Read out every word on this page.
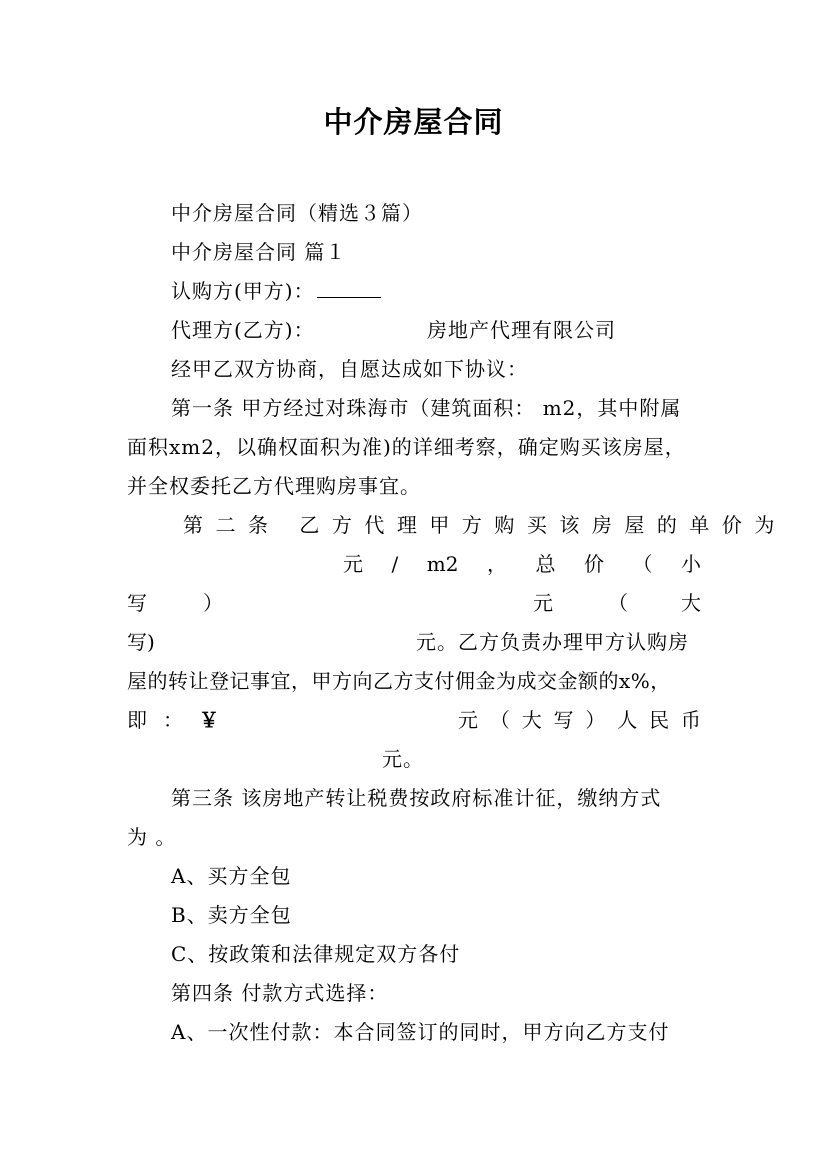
中介房屋合同
中介房屋合同（精选３篇）
中介房屋合同 篇１
认购方(甲方)：
代理方(乙方)：	房地产代理有限公司
经甲乙双方协商，自愿达成如下协议：
第一条 甲方经过对珠海市（建筑面积： m2，其中附属
面积xm2，以确权面积为准)的详细考察，确定购买该房屋，
并全权委托乙方代理购房事宜。
第二条 乙方代理甲方购买该房屋的单价为
元 / m2 ， 总 价 （ 小
写	）	元	（	大
写)	元。乙方负责办理甲方认购房
屋的转让登记事宜，甲方向乙方支付佣金为成交金额的x%，
即 ： ￥	元 （ 大 写 ） 人 民 币
元。
第三条 该房地产转让税费按政府标准计征，缴纳方式
为 。
A、买方全包
B、卖方全包
C、按政策和法律规定双方各付
第四条 付款方式选择：
A、一次性付款：本合同签订的同时，甲方向乙方支付
